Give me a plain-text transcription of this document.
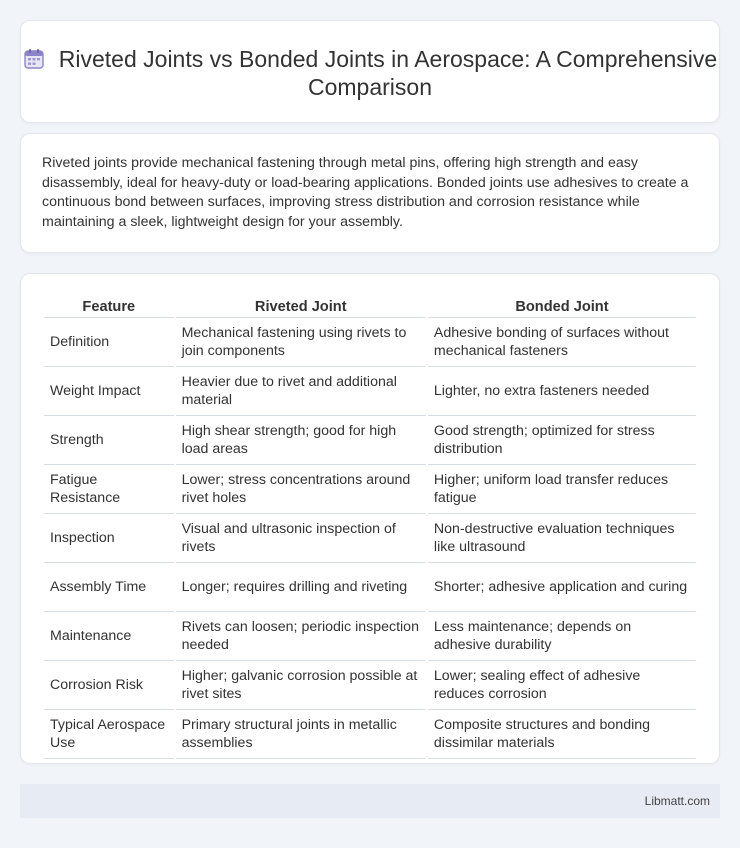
Riveted Joints vs Bonded Joints in Aerospace: A Comprehensive Comparison

Riveted joints provide mechanical fastening through metal pins, offering high strength and easy disassembly, ideal for heavy-duty or load-bearing applications. Bonded joints use adhesives to create a continuous bond between surfaces, improving stress distribution and corrosion resistance while maintaining a sleek, lightweight design for your assembly.

Feature	Riveted Joint	Bonded Joint
Definition	Mechanical fastening using rivets to join components	Adhesive bonding of surfaces without mechanical fasteners
Weight Impact	Heavier due to rivet and additional material	Lighter, no extra fasteners needed
Strength	High shear strength; good for high load areas	Good strength; optimized for stress distribution
Fatigue Resistance	Lower; stress concentrations around rivet holes	Higher; uniform load transfer reduces fatigue
Inspection	Visual and ultrasonic inspection of rivets	Non-destructive evaluation techniques like ultrasound
Assembly Time	Longer; requires drilling and riveting	Shorter; adhesive application and curing
Maintenance	Rivets can loosen; periodic inspection needed	Less maintenance; depends on adhesive durability
Corrosion Risk	Higher; galvanic corrosion possible at rivet sites	Lower; sealing effect of adhesive reduces corrosion
Typical Aerospace Use	Primary structural joints in metallic assemblies	Composite structures and bonding dissimilar materials
Libmatt.com
